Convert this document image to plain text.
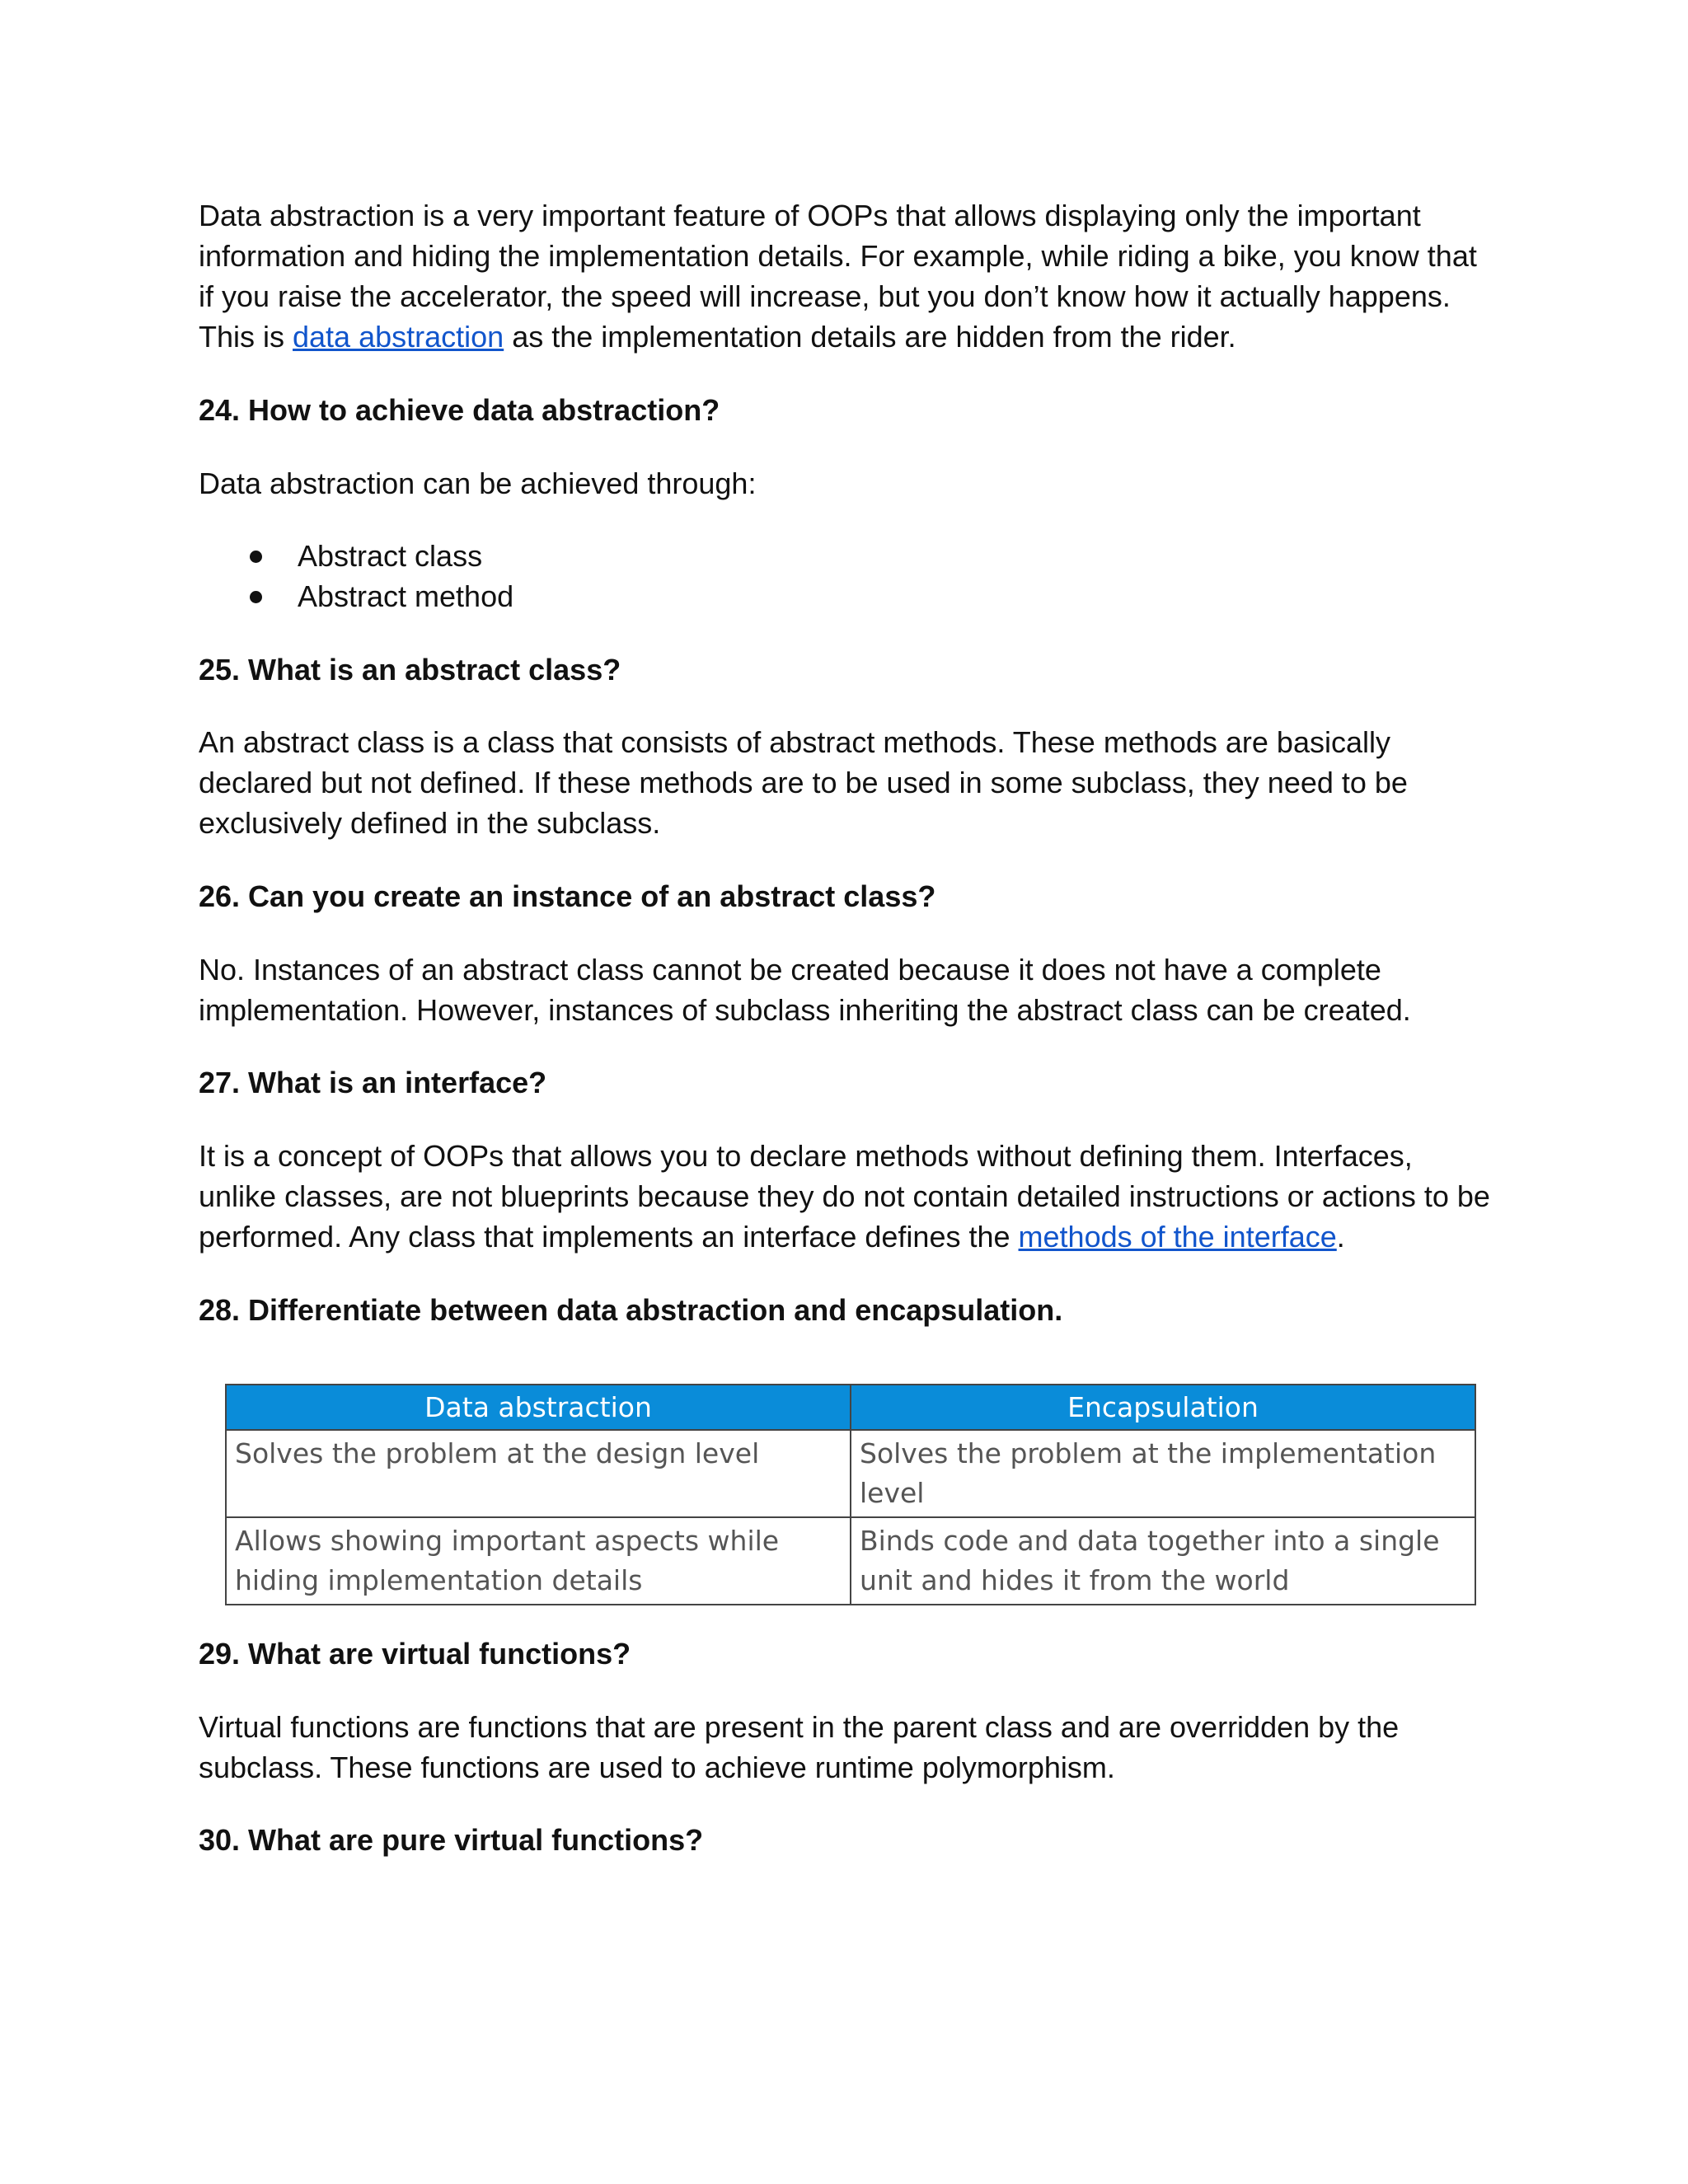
Data abstraction is a very important feature of OOPs that allows displaying only the important information and hiding the implementation details. For example, while riding a bike, you know that if you raise the accelerator, the speed will increase, but you don’t know how it actually happens. This is data abstraction as the implementation details are hidden from the rider.

24. How to achieve data abstraction?

Data abstraction can be achieved through:

Abstract class
Abstract method
25. What is an abstract class?

An abstract class is a class that consists of abstract methods. These methods are basically declared but not defined. If these methods are to be used in some subclass, they need to be exclusively defined in the subclass.

26. Can you create an instance of an abstract class?

No. Instances of an abstract class cannot be created because it does not have a complete implementation. However, instances of subclass inheriting the abstract class can be created.

27. What is an interface?

It is a concept of OOPs that allows you to declare methods without defining them. Interfaces, unlike classes, are not blueprints because they do not contain detailed instructions or actions to be performed. Any class that implements an interface defines the methods of the interface.

28. Differentiate between data abstraction and encapsulation.
Data abstraction	Encapsulation
Solves the problem at the design level	Solves the problem at the implementation level
Allows showing important aspects while hiding implementation details	Binds code and data together into a single unit and hides it from the world
29. What are virtual functions?

Virtual functions are functions that are present in the parent class and are overridden by the subclass. These functions are used to achieve runtime polymorphism.

30. What are pure virtual functions?
